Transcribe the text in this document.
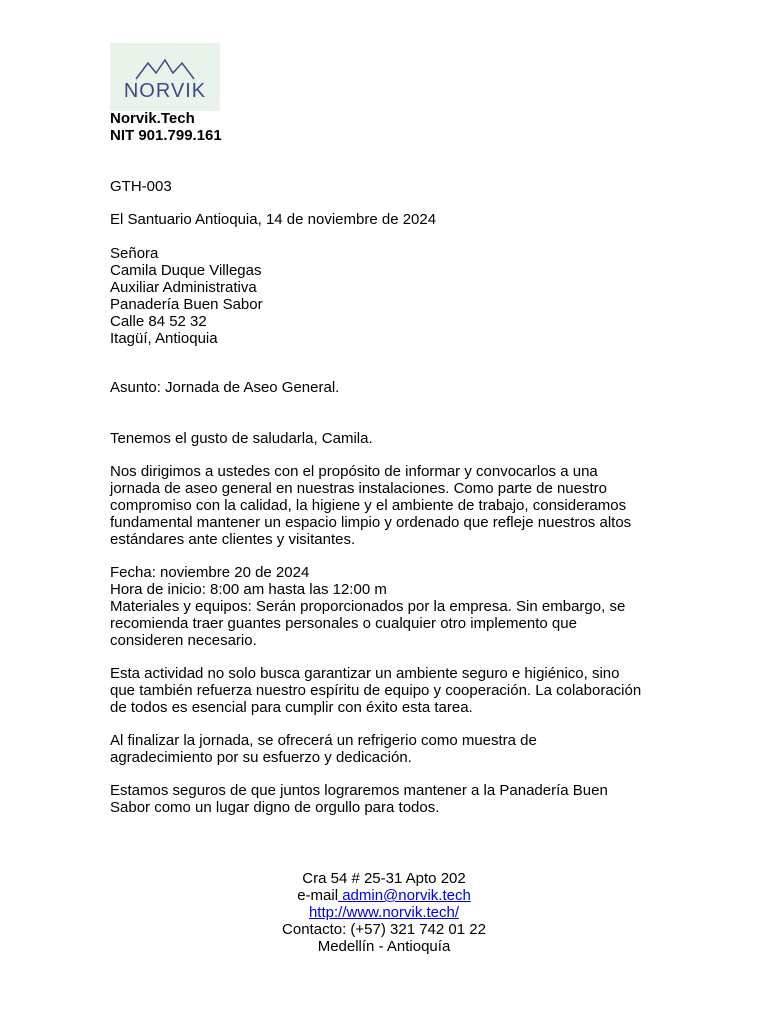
NORVIK
Norvik.Tech
NIT 901.799.161
GTH-003
El Santuario Antioquia, 14 de noviembre de 2024
Señora
Camila Duque Villegas
Auxiliar Administrativa
Panadería Buen Sabor
Calle 84 52 32
Itagüí, Antioquia
Asunto: Jornada de Aseo General.
Tenemos el gusto de saludarla, Camila.
Nos dirigimos a ustedes con el propósito de informar y convocarlos a una
jornada de aseo general en nuestras instalaciones. Como parte de nuestro
compromiso con la calidad, la higiene y el ambiente de trabajo, consideramos
fundamental mantener un espacio limpio y ordenado que refleje nuestros altos
estándares ante clientes y visitantes.
Fecha: noviembre 20 de 2024
Hora de inicio: 8:00 am hasta las 12:00 m
Materiales y equipos: Serán proporcionados por la empresa. Sin embargo, se
recomienda traer guantes personales o cualquier otro implemento que
consideren necesario.
Esta actividad no solo busca garantizar un ambiente seguro e higiénico, sino
que también refuerza nuestro espíritu de equipo y cooperación. La colaboración
de todos es esencial para cumplir con éxito esta tarea.
Al finalizar la jornada, se ofrecerá un refrigerio como muestra de
agradecimiento por su esfuerzo y dedicación.
Estamos seguros de que juntos lograremos mantener a la Panadería Buen
Sabor como un lugar digno de orgullo para todos.
Cra 54 # 25-31 Apto 202
e-mail admin@norvik.tech
http://www.norvik.tech/
Contacto: (+57) 321 742 01 22
Medellín - Antioquía
